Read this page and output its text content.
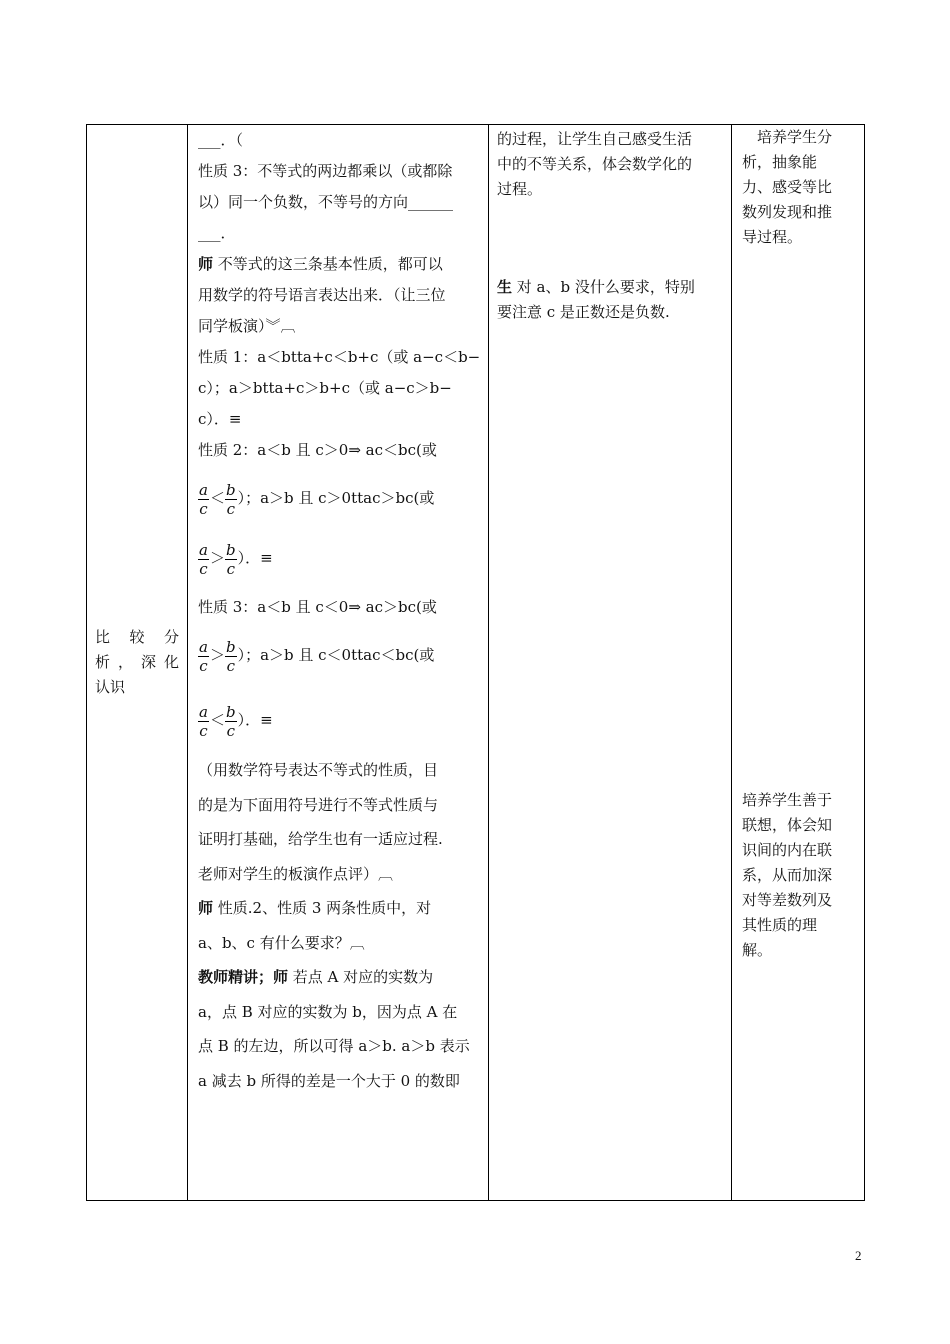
比　较　分
析，深化
认识

___．（
性质 3：不等式的两边都乘以（或都除
以）同一个负数，不等号的方向______
___．
师 不等式的这三条基本性质，都可以
用数学的符号语言表达出来．（让三位
同学板演）︾︹
性质 1：a＜btta+c＜b+c（或 a−c＜b−
c）；a＞btta+c＞b+c（或 a−c＞b−
c）．≡
性质 2：a＜b 且 c＞0⇒ ac＜bc(或
$\frac{a}{c} < \frac{b}{c}$ ）；a＞b 且 c＞0ttac＞bc(或
$\frac{a}{c} > \frac{b}{c}$ ）．≡
性质 3：a＜b 且 c＜0⇒ ac＞bc(或
$\frac{a}{c} > \frac{b}{c}$ ）；a＞b 且 c＜0ttac＜bc(或
$\frac{a}{c} < \frac{b}{c}$ ）．≡
（用数学符号表达不等式的性质，目
的是为下面用符号进行不等式性质与
证明打基础，给学生也有一适应过程.
老师对学生的板演作点评）︹
师 性质.2、性质 3 两条性质中，对
a、b、c 有什么要求？︹
教师精讲；师 若点 A 对应的实数为
a，点 B 对应的实数为 b，因为点 A 在
点 B 的左边，所以可得 a＞b. a＞b 表示
a 减去 b 所得的差是一个大于 0 的数即

的过程，让学生自己感受生活
中的不等关系，体会数学化的
过程。
生 对 a、b 没什么要求，特别
要注意 c 是正数还是负数.

　培养学生分
析，抽象能
力、感受等比
数列发现和推
导过程。
培养学生善于
联想，体会知
识间的内在联
系，从而加深
对等差数列及
其性质的理
解。
2
